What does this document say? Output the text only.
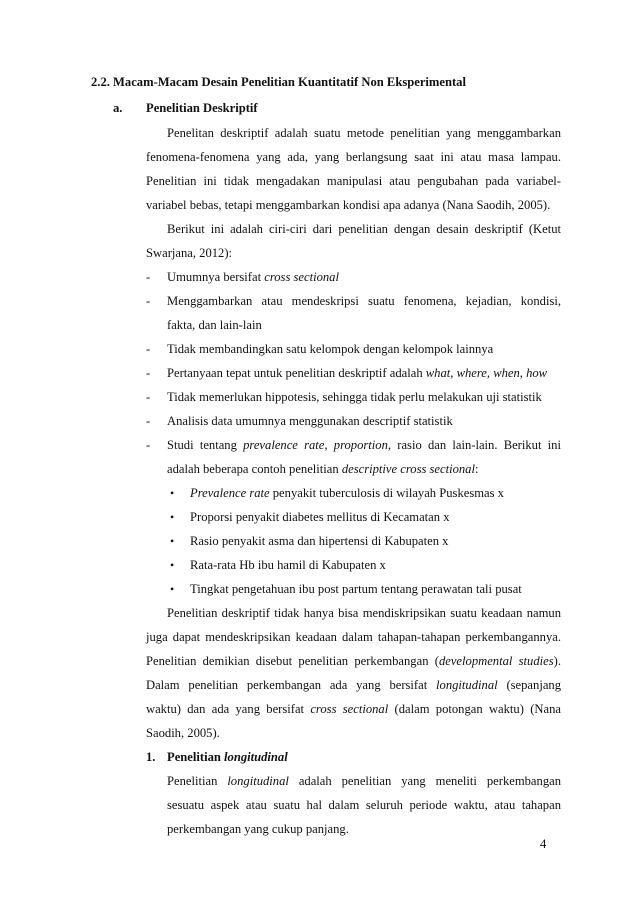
2.2. Macam-Macam Desain Penelitian Kuantitatif Non Eksperimental
a. Penelitian Deskriptif
Penelitan deskriptif adalah suatu metode penelitian yang menggambarkan
fenomena-fenomena yang ada, yang berlangsung saat ini atau masa lampau.
Penelitian ini tidak mengadakan manipulasi atau pengubahan pada variabel-
variabel bebas, tetapi menggambarkan kondisi apa adanya (Nana Saodih, 2005).
Berikut ini adalah ciri-ciri dari penelitian dengan desain deskriptif (Ketut
Swarjana, 2012):
- Umumnya bersifat cross sectional
- Menggambarkan atau mendeskripsi suatu fenomena, kejadian, kondisi,
fakta, dan lain-lain
- Tidak membandingkan satu kelompok dengan kelompok lainnya
- Pertanyaan tepat untuk penelitian deskriptif adalah what, where, when, how
- Tidak memerlukan hippotesis, sehingga tidak perlu melakukan uji statistik
- Analisis data umumnya menggunakan descriptif statistik
- Studi tentang prevalence rate, proportion, rasio dan lain-lain. Berikut ini
adalah beberapa contoh penelitian descriptive cross sectional:
• Prevalence rate penyakit tuberculosis di wilayah Puskesmas x
• Proporsi penyakit diabetes mellitus di Kecamatan x
• Rasio penyakit asma dan hipertensi di Kabupaten x
• Rata-rata Hb ibu hamil di Kabupaten x
• Tingkat pengetahuan ibu post partum tentang perawatan tali pusat
Penelitian deskriptif tidak hanya bisa mendiskripsikan suatu keadaan namun
juga dapat mendeskripsikan keadaan dalam tahapan-tahapan perkembangannya.
Penelitian demikian disebut penelitian perkembangan (developmental studies).
Dalam penelitian perkembangan ada yang bersifat longitudinal (sepanjang
waktu) dan ada yang bersifat cross sectional (dalam potongan waktu) (Nana
Saodih, 2005).
1. Penelitian longitudinal
Penelitian longitudinal adalah penelitian yang meneliti perkembangan
sesuatu aspek atau suatu hal dalam seluruh periode waktu, atau tahapan
perkembangan yang cukup panjang.
4
